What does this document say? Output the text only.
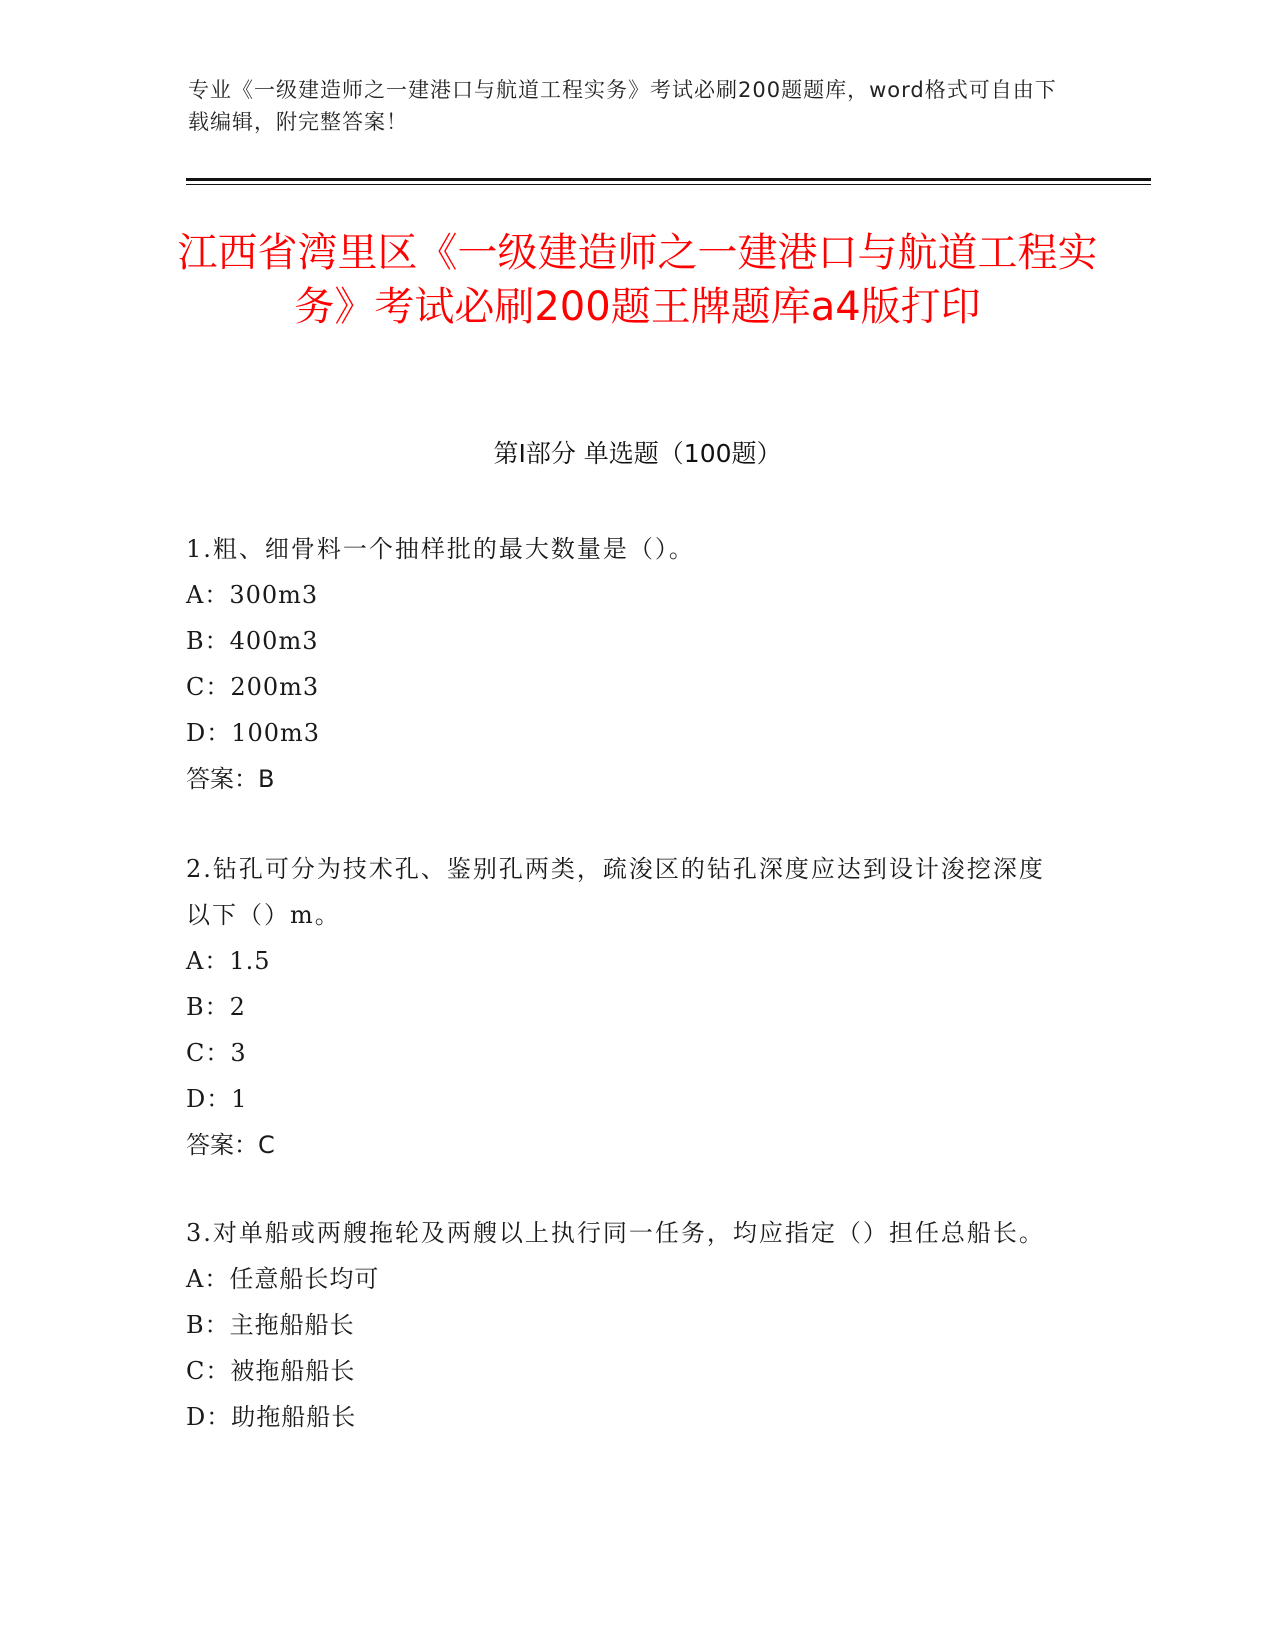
专业《一级建造师之一建港口与航道工程实务》考试必刷200题题库，word格式可自由下载编辑，附完整答案！
江西省湾里区《一级建造师之一建港口与航道工程实务》考试必刷200题王牌题库a4版打印
第Ⅰ部分 单选题（100题）
1.粗、细骨料一个抽样批的最大数量是（）。
A：300m3
B：400m3
C：200m3
D：100m3
答案：B
2.钻孔可分为技术孔、鉴别孔两类，疏浚区的钻孔深度应达到设计浚挖深度以下（）m。
A：1.5
B：2
C：3
D：1
答案：C
3.对单船或两艘拖轮及两艘以上执行同一任务，均应指定（）担任总船长。
A：任意船长均可
B：主拖船船长
C：被拖船船长
D：助拖船船长
